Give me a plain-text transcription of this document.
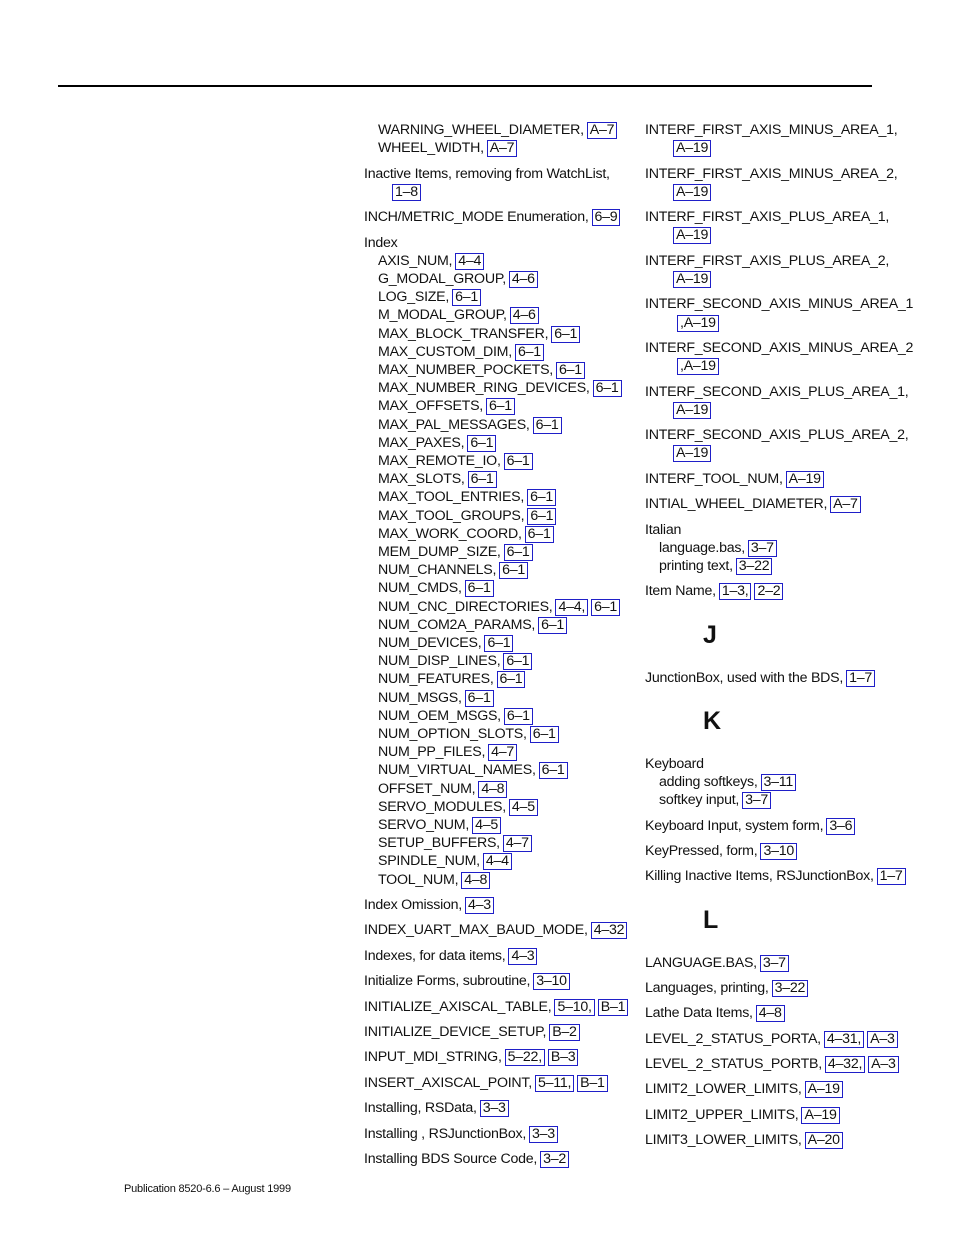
WARNING_WHEEL_DIAMETER, A–7
WHEEL_WIDTH, A–7
Inactive Items, removing from WatchList,
1–8
INCH/METRIC_MODE Enumeration, 6–9
Index
AXIS_NUM, 4–4
G_MODAL_GROUP, 4–6
LOG_SIZE, 6–1
M_MODAL_GROUP, 4–6
MAX_BLOCK_TRANSFER, 6–1
MAX_CUSTOM_DIM, 6–1
MAX_NUMBER_POCKETS, 6–1
MAX_NUMBER_RING_DEVICES, 6–1
MAX_OFFSETS, 6–1
MAX_PAL_MESSAGES, 6–1
MAX_PAXES, 6–1
MAX_REMOTE_IO, 6–1
MAX_SLOTS, 6–1
MAX_TOOL_ENTRIES, 6–1
MAX_TOOL_GROUPS, 6–1
MAX_WORK_COORD, 6–1
MEM_DUMP_SIZE, 6–1
NUM_CHANNELS, 6–1
NUM_CMDS, 6–1
NUM_CNC_DIRECTORIES, 4–4, 6–1
NUM_COM2A_PARAMS, 6–1
NUM_DEVICES, 6–1
NUM_DISP_LINES, 6–1
NUM_FEATURES, 6–1
NUM_MSGS, 6–1
NUM_OEM_MSGS, 6–1
NUM_OPTION_SLOTS, 6–1
NUM_PP_FILES, 4–7
NUM_VIRTUAL_NAMES, 6–1
OFFSET_NUM, 4–8
SERVO_MODULES, 4–5
SERVO_NUM, 4–5
SETUP_BUFFERS, 4–7
SPINDLE_NUM, 4–4
TOOL_NUM, 4–8
Index Omission, 4–3
INDEX_UART_MAX_BAUD_MODE, 4–32
Indexes, for data items, 4–3
Initialize Forms, subroutine, 3–10
INITIALIZE_AXISCAL_TABLE, 5–10, B–1
INITIALIZE_DEVICE_SETUP, B–2
INPUT_MDI_STRING, 5–22, B–3
INSERT_AXISCAL_POINT, 5–11, B–1
Installing, RSData, 3–3
Installing , RSJunctionBox, 3–3
Installing BDS Source Code, 3–2
INTERF_FIRST_AXIS_MINUS_AREA_1,
A–19
INTERF_FIRST_AXIS_MINUS_AREA_2,
A–19
INTERF_FIRST_AXIS_PLUS_AREA_1,
A–19
INTERF_FIRST_AXIS_PLUS_AREA_2,
A–19
INTERF_SECOND_AXIS_MINUS_AREA_1
,A–19
INTERF_SECOND_AXIS_MINUS_AREA_2
,A–19
INTERF_SECOND_AXIS_PLUS_AREA_1,
A–19
INTERF_SECOND_AXIS_PLUS_AREA_2,
A–19
INTERF_TOOL_NUM, A–19
INTIAL_WHEEL_DIAMETER, A–7
Italian
language.bas, 3–7
printing text, 3–22
Item Name, 1–3, 2–2
J
JunctionBox, used with the BDS, 1–7
K
Keyboard
adding softkeys, 3–11
softkey input, 3–7
Keyboard Input, system form, 3–6
KeyPressed, form, 3–10
Killing Inactive Items, RSJunctionBox, 1–7
L
LANGUAGE.BAS, 3–7
Languages, printing, 3–22
Lathe Data Items, 4–8
LEVEL_2_STATUS_PORTA, 4–31, A–3
LEVEL_2_STATUS_PORTB, 4–32, A–3
LIMIT2_LOWER_LIMITS, A–19
LIMIT2_UPPER_LIMITS, A–19
LIMIT3_LOWER_LIMITS, A–20
Publication 8520-6.6 – August 1999
